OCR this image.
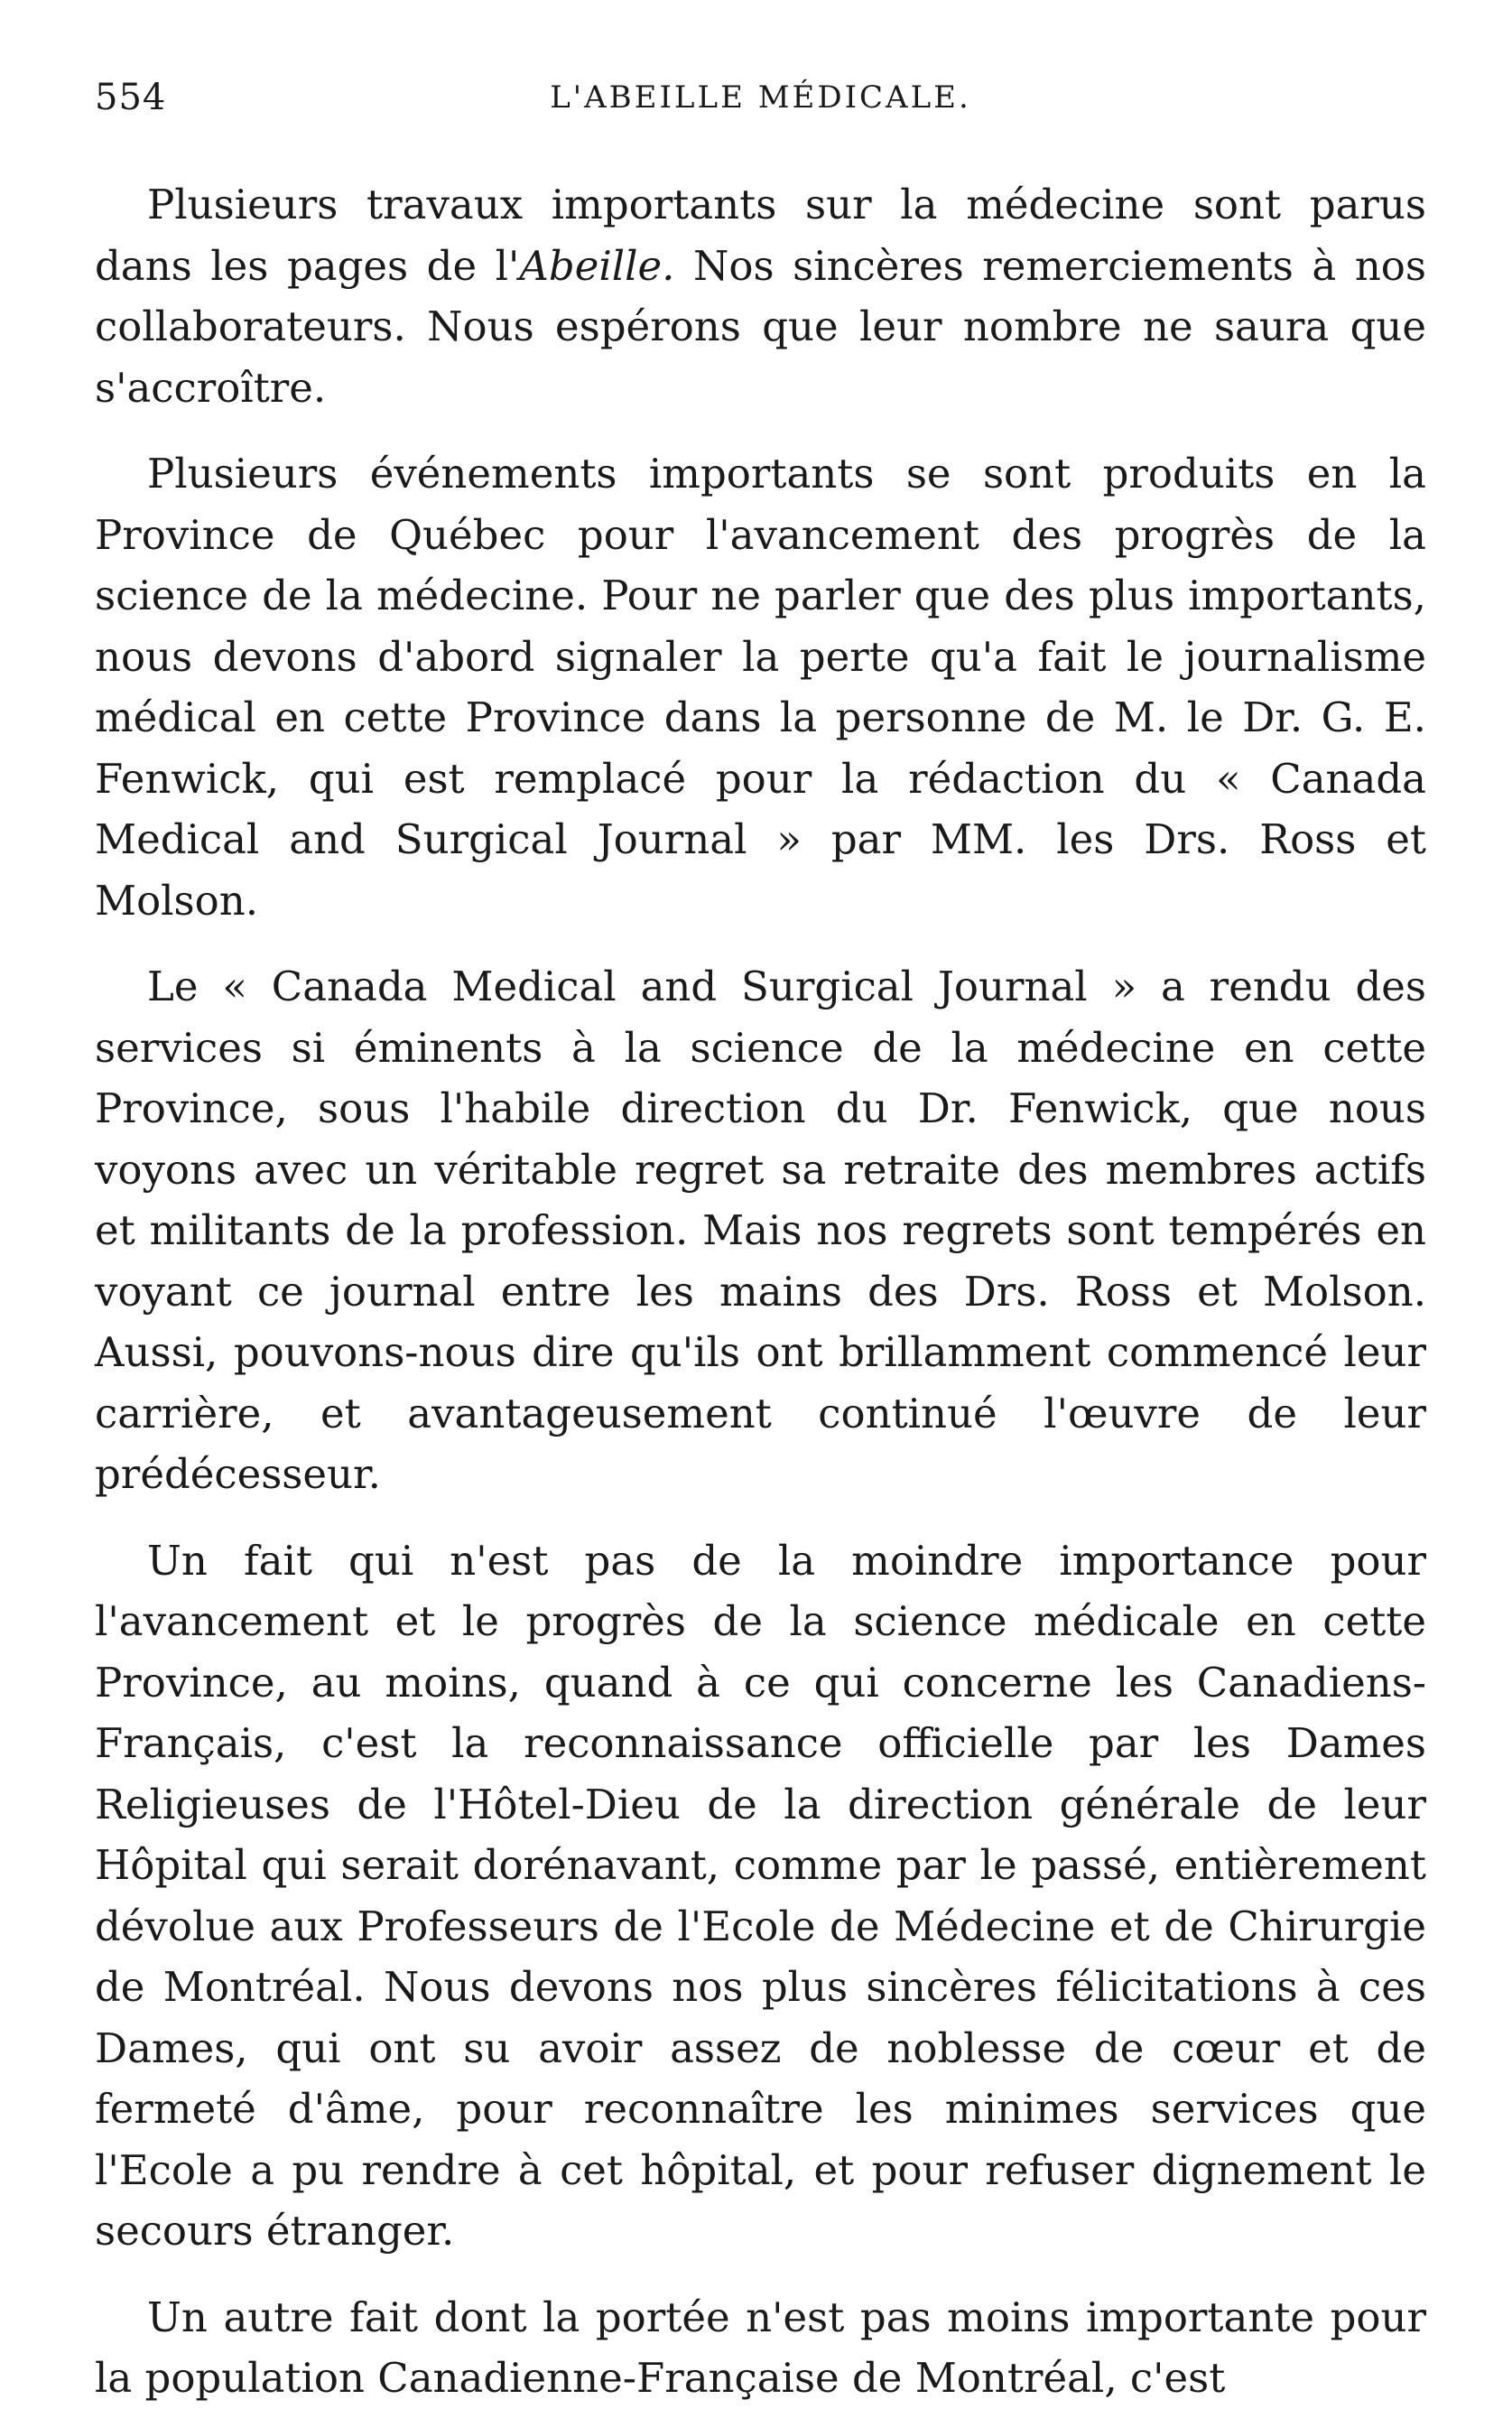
554	L'ABEILLE MÉDICALE.

Plusieurs travaux importants sur la médecine sont parus dans les pages de l'Abeille. Nos sincères remerciements à nos collaborateurs. Nous espérons que leur nombre ne saura que s'accroître.

Plusieurs événements importants se sont produits en la Province de Québec pour l'avancement des progrès de la science de la médecine. Pour ne parler que des plus importants, nous devons d'abord signaler la perte qu'a fait le journalisme médical en cette Province dans la personne de M. le Dr. G. E. Fenwick, qui est remplacé pour la rédaction du « Canada Medical and Surgical Journal » par MM. les Drs. Ross et Molson.

Le « Canada Medical and Surgical Journal » a rendu des services si éminents à la science de la médecine en cette Province, sous l'habile direction du Dr. Fenwick, que nous voyons avec un véritable regret sa retraite des membres actifs et militants de la profession. Mais nos regrets sont tempérés en voyant ce journal entre les mains des Drs. Ross et Molson. Aussi, pouvons-nous dire qu'ils ont brillamment commencé leur carrière, et avantageusement continué l'œuvre de leur prédécesseur.

Un fait qui n'est pas de la moindre importance pour l'avancement et le progrès de la science médicale en cette Province, au moins, quand à ce qui concerne les Canadiens-Français, c'est la reconnaissance officielle par les Dames Religieuses de l'Hôtel-Dieu de la direction générale de leur Hôpital qui serait dorénavant, comme par le passé, entièrement dévolue aux Professeurs de l'Ecole de Médecine et de Chirurgie de Montréal. Nous devons nos plus sincères félicitations à ces Dames, qui ont su avoir assez de noblesse de cœur et de fermeté d'âme, pour reconnaître les minimes services que l'Ecole a pu rendre à cet hôpital, et pour refuser dignement le secours étranger.

Un autre fait dont la portée n'est pas moins importante pour la population Canadienne-Française de Montréal, c'est
